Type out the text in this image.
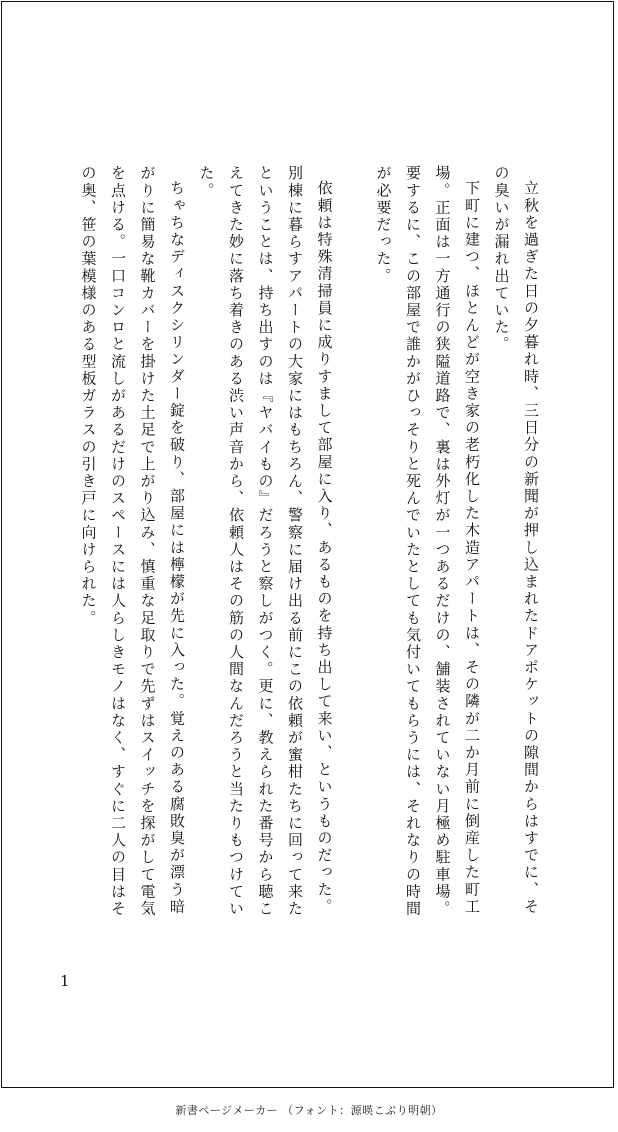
立秋を過ぎた日の夕暮れ時、三日分の新聞が押し込まれたドアポケットの隙間からはすでに、その臭いが漏れ出ていた。

下町に建つ、ほとんどが空き家の老朽化した木造アパートは、その隣が二か月前に倒産した町工場。正面は一方通行の狭隘道路で、裏は外灯が一つあるだけの、舗装されていない月極め駐車場。要するに、この部屋で誰かがひっそりと死んでいたとしても気付いてもらうには、それなりの時間が必要だった。

依頼は特殊清掃員に成りすまして部屋に入り、あるものを持ち出して来い、というものだった。別棟に暮らすアパートの大家にはもちろん、警察に届け出る前にこの依頼が蜜柑たちに回って来たということは、持ち出すのは『ヤバイもの』だろうと察しがつく。更に、教えられた番号から聴こえてきた妙に落ち着きのある渋い声音から、依頼人はその筋の人間なんだろうと当たりもつけていた。

ちゃちなディスクシリンダー錠を破り、部屋には檸檬が先に入った。覚えのある腐敗臭が漂う暗がりに簡易な靴カバーを掛けた土足で上がり込み、慎重な足取りで先ずはスイッチを探がして電気を点ける。一口コンロと流しがあるだけのスペースには人らしきモノはなく、すぐに二人の目はその奥、笹の葉模様のある型板ガラスの引き戸に向けられた。

1
新書ページメーカー （フォント：源暎こぶり明朝）
